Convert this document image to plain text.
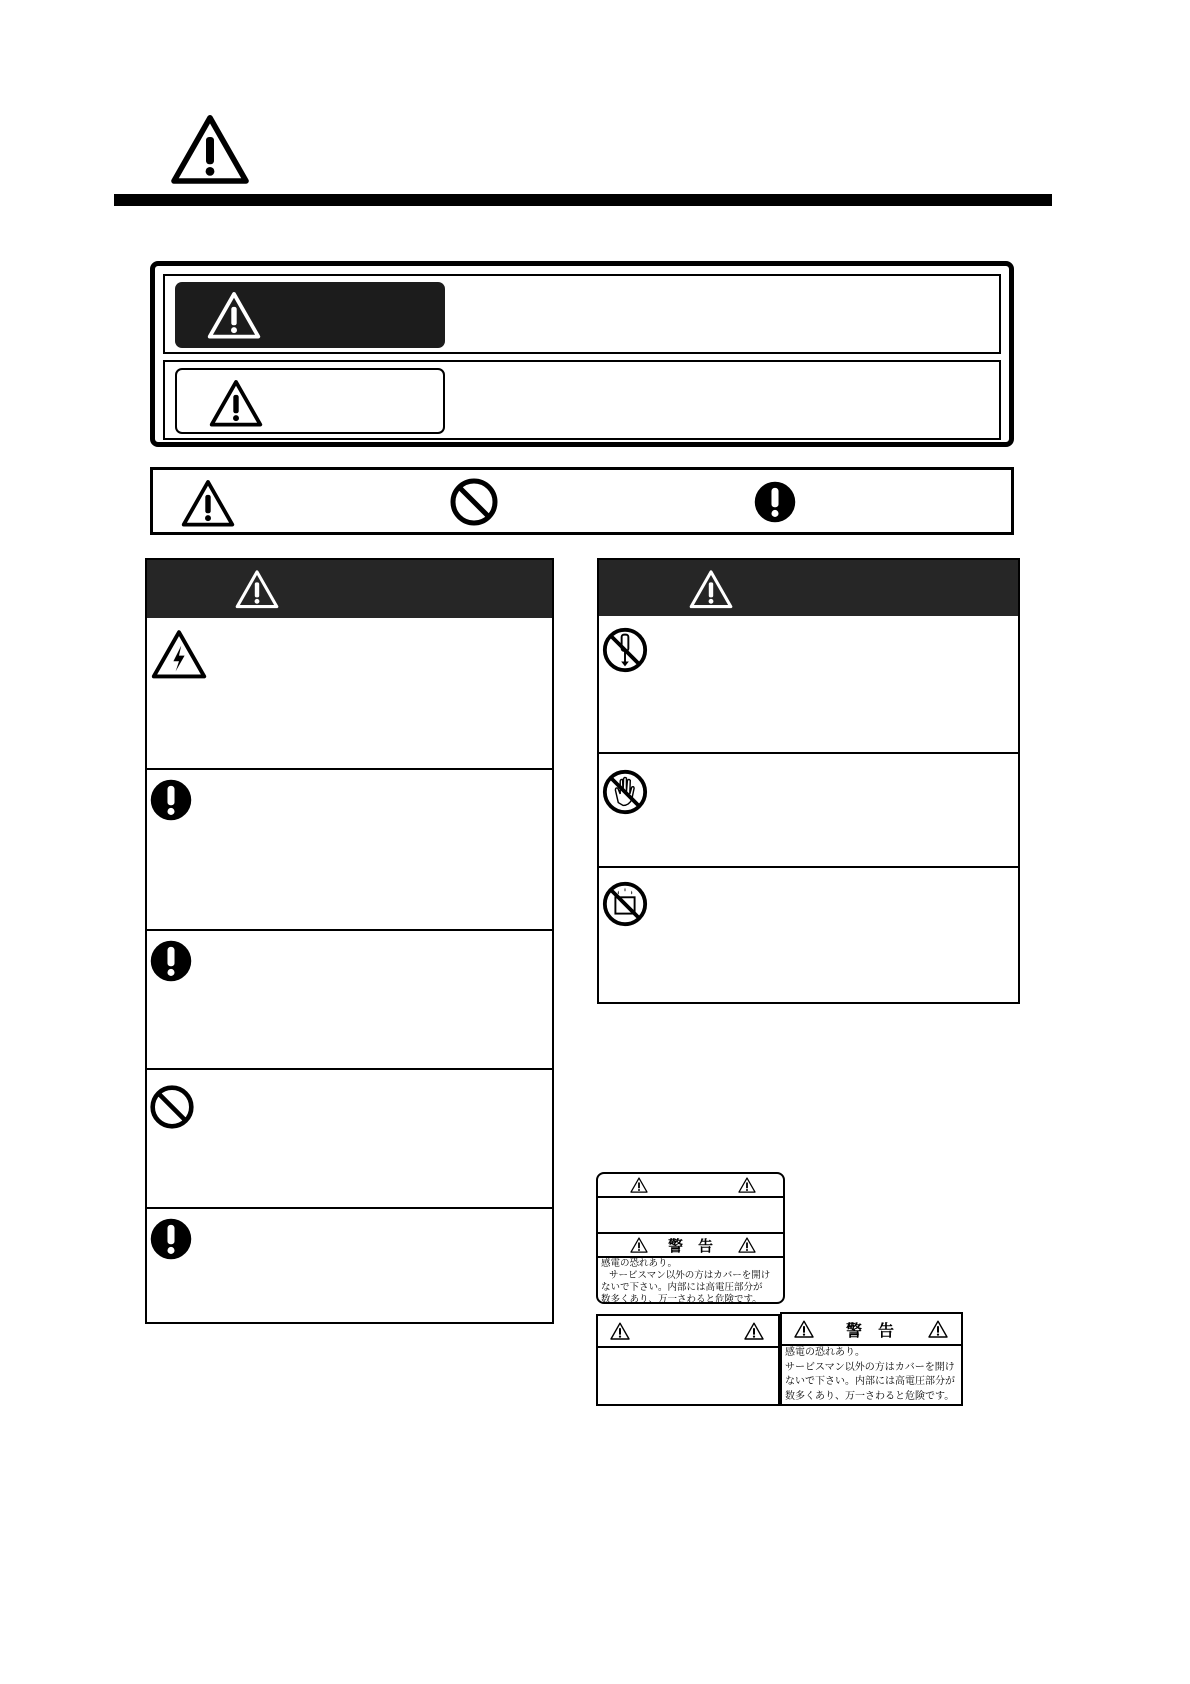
警　告
感電の恐れあり。
サービスマン以外の方はカバーを開け
ないで下さい。内部には高電圧部分が
数多くあり、万一さわると危険です。
警　告
感電の恐れあり。
サービスマン以外の方はカバーを開け
ないで下さい。内部には高電圧部分が
数多くあり、万一さわると危険です。
